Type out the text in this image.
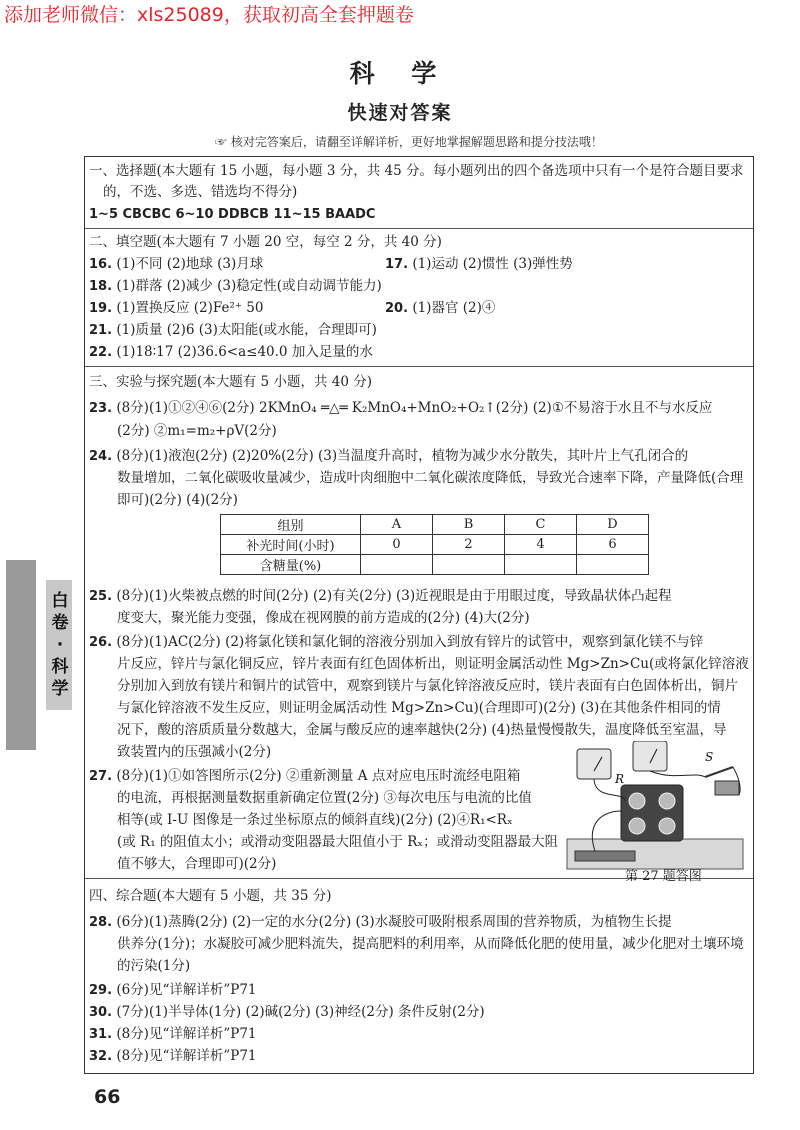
添加老师微信：xls25089，获取初高全套押题卷
科 学
快速对答案
☞ 核对完答案后，请翻至详解详析，更好地掌握解题思路和提分技法哦！
白卷·科学
一、选择题(本大题有 15 小题，每小题 3 分，共 45 分。每小题列出的四个备选项中只有一个是符合题目要求
的，不选、多选、错选均不得分)
1~5 CBCBC 6~10 DDBCB 11~15 BAADC
二、填空题(本大题有 7 小题 20 空，每空 2 分，共 40 分)
16. (1)不同 (2)地球 (3)月球	17. (1)运动 (2)惯性 (3)弹性势
18. (1)群落 (2)减少 (3)稳定性(或自动调节能力)
19. (1)置换反应 (2)Fe²⁺ 50	20. (1)器官 (2)④
21. (1)质量 (2)6 (3)太阳能(或水能，合理即可)
22. (1)18∶17 (2)36.6<a≤40.0 加入足量的水
三、实验与探究题(本大题有 5 小题，共 40 分)
23. (8分)(1)①②④⑥(2分) 2KMnO₄ ═△═ K₂MnO₄+MnO₂+O₂↑(2分) (2)①不易溶于水且不与水反应
(2分) ②m₁=m₂+ρV(2分)
24. (8分)(1)液泡(2分) (2)20%(2分) (3)当温度升高时，植物为减少水分散失，其叶片上气孔闭合的
数量增加，二氧化碳吸收量减少，造成叶肉细胞中二氧化碳浓度降低，导致光合速率下降，产量降低(合理
即可)(2分) (4)(2分)
组别	A	B	C	D
补光时间(小时)	0	2	4	6
含糖量(%)				
25. (8分)(1)火柴被点燃的时间(2分) (2)有关(2分) (3)近视眼是由于用眼过度，导致晶状体凸起程
度变大，聚光能力变强，像成在视网膜的前方造成的(2分) (4)大(2分)
26. (8分)(1)AC(2分) (2)将氯化镁和氯化铜的溶液分别加入到放有锌片的试管中，观察到氯化镁不与锌
片反应，锌片与氯化铜反应，锌片表面有红色固体析出，则证明金属活动性 Mg>Zn>Cu(或将氯化锌溶液
分别加入到放有镁片和铜片的试管中，观察到镁片与氯化锌溶液反应时，镁片表面有白色固体析出，铜片
与氯化锌溶液不发生反应，则证明金属活动性 Mg>Zn>Cu)(合理即可)(2分) (3)在其他条件相同的情
况下，酸的溶质质量分数越大，金属与酸反应的速率越快(2分) (4)热量慢慢散失，温度降低至室温，导
致装置内的压强减小(2分)
27. (8分)(1)①如答图所示(2分) ②重新测量 A 点对应电压时流经电阻箱
的电流，再根据测量数据重新确定位置(2分) ③每次电压与电流的比值
相等(或 I-U 图像是一条过坐标原点的倾斜直线)(2分) (2)④R₁<Rₓ
(或 R₁ 的阻值太小；或滑动变阻器最大阻值小于 Rₓ；或滑动变阻器最大阻
值不够大，合理即可)(2分)
R
S
第 27 题答图
四、综合题(本大题有 5 小题，共 35 分)
28. (6分)(1)蒸腾(2分) (2)一定的水分(2分) (3)水凝胶可吸附根系周围的营养物质，为植物生长提
供养分(1分)；水凝胶可减少肥料流失，提高肥料的利用率，从而降低化肥的使用量，减少化肥对土壤环境
的污染(1分)
29. (6分)见“详解详析”P71
30. (7分)(1)半导体(1分) (2)碱(2分) (3)神经(2分) 条件反射(2分)
31. (8分)见“详解详析”P71
32. (8分)见“详解详析”P71
66
